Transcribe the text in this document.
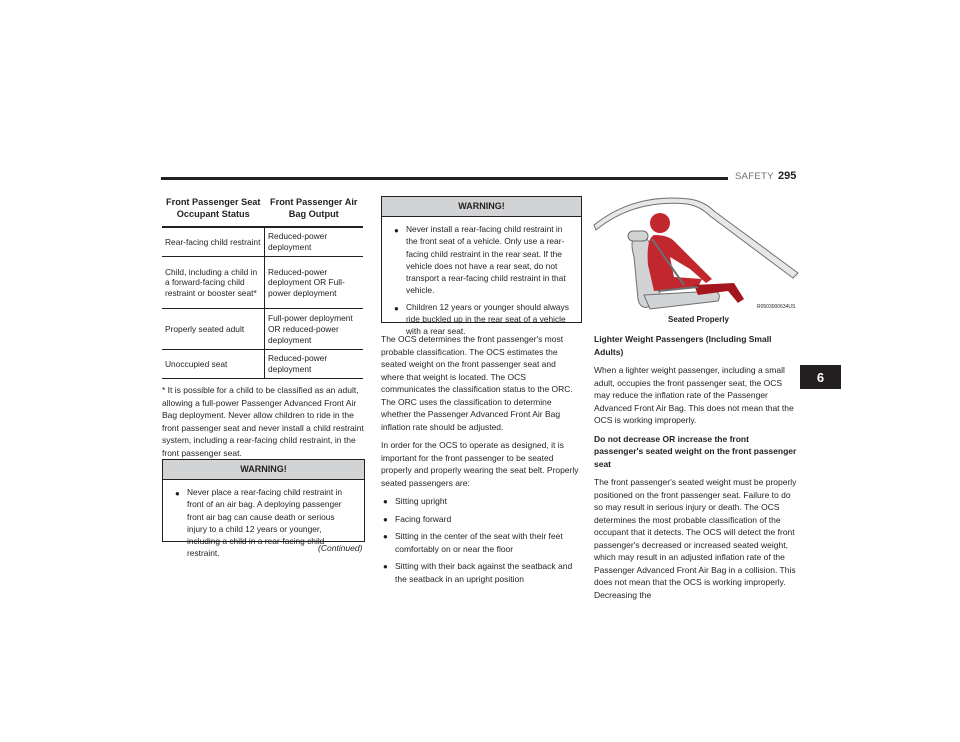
SAFETY 295
6
Front Passenger Seat Occupant Status	Front Passenger Air Bag Output
Rear-facing child restraint	Reduced-power deployment
Child, including a child in a forward-facing child restraint or booster seat*	Reduced-power deployment OR Full-power deployment
Properly seated adult	Full-power deployment OR reduced-power deployment
Unoccupied seat	Reduced-power deployment
* It is possible for a child to be classified as an adult, allowing a full-power Passenger Advanced Front Air Bag deployment. Never allow children to ride in the front passenger seat and never install a child restraint system, including a rear-facing child restraint, in the front passenger seat.
WARNING!
● Never place a rear-facing child restraint in front of an air bag. A deploying passenger front air bag can cause death or serious injury to a child 12 years or younger, including a child in a rear-facing child restraint.
(Continued)
WARNING!
● Never install a rear-facing child restraint in the front seat of a vehicle. Only use a rear-facing child restraint in the rear seat. If the vehicle does not have a rear seat, do not transport a rear-facing child restraint in that vehicle.
● Children 12 years or younger should always ride buckled up in the rear seat of a vehicle with a rear seat.

The OCS determines the front passenger's most probable classification. The OCS estimates the seated weight on the front passenger seat and where that weight is located. The OCS communicates the classification status to the ORC. The ORC uses the classification to determine whether the Passenger Advanced Front Air Bag inflation rate should be adjusted.

In order for the OCS to operate as designed, it is important for the front passenger to be seated properly and properly wearing the seat belt. Properly seated passengers are:

● Sitting upright
● Facing forward
● Sitting in the center of the seat with their feet comfortably on or near the floor
● Sitting with their back against the seatback and the seatback in an upright position
R0503000634US
Seated Properly

Lighter Weight Passengers (Including Small Adults)

When a lighter weight passenger, including a small adult, occupies the front passenger seat, the OCS may reduce the inflation rate of the Passenger Advanced Front Air Bag. This does not mean that the OCS is working improperly.

Do not decrease OR increase the front passenger's seated weight on the front passenger seat

The front passenger's seated weight must be properly positioned on the front passenger seat. Failure to do so may result in serious injury or death. The OCS determines the most probable classification of the occupant that it detects. The OCS will detect the front passenger's decreased or increased seated weight, which may result in an adjusted inflation rate of the Passenger Advanced Front Air Bag in a collision. This does not mean that the OCS is working improperly. Decreasing the
